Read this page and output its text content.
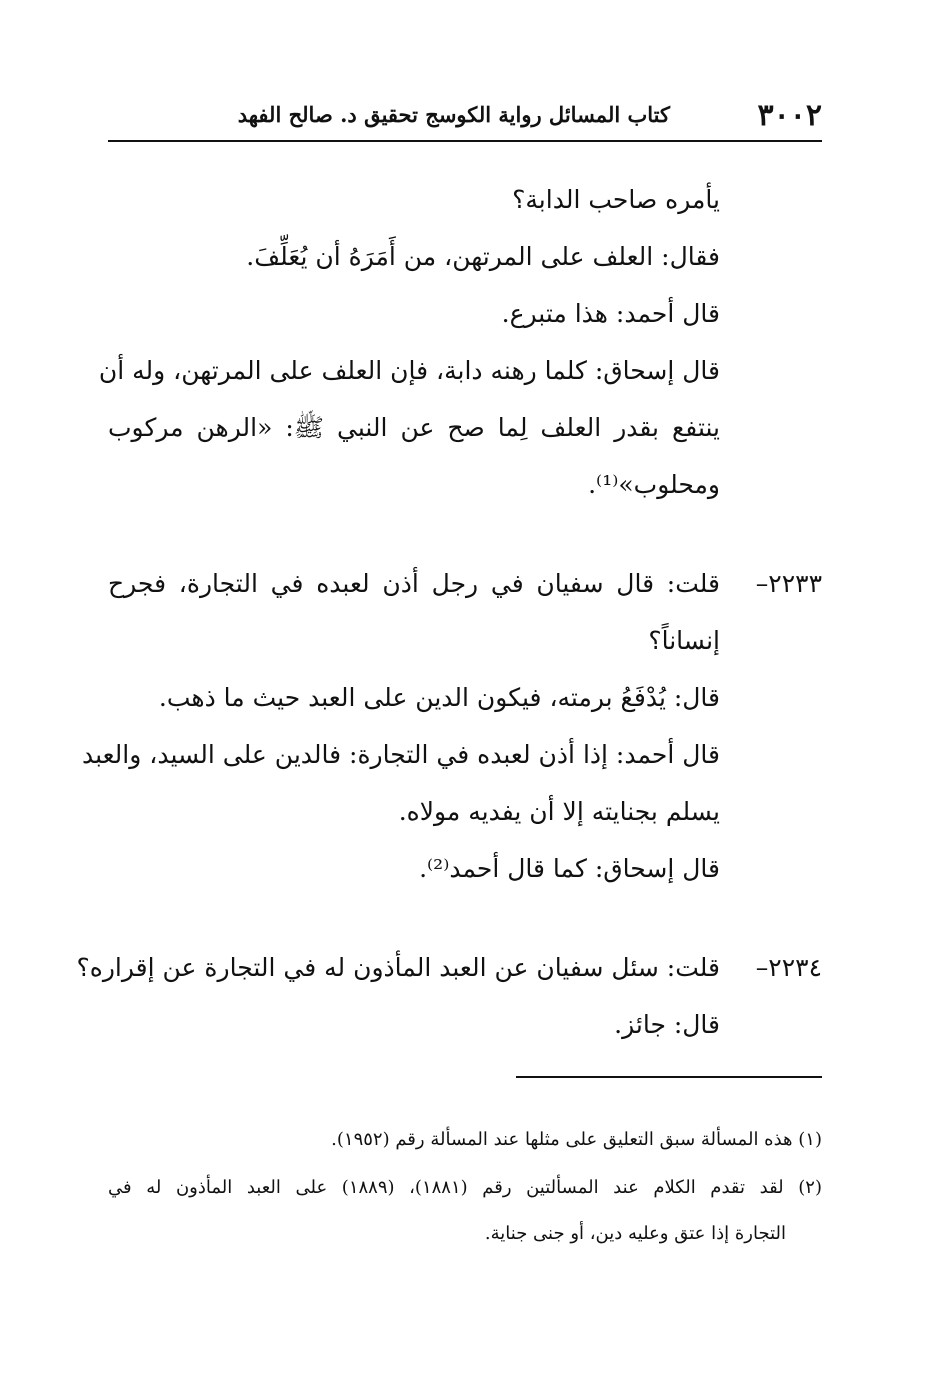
٣٠٠٢
كتاب المسائل رواية الكوسج تحقيق د. صالح الفهد
يأمره صاحب الدابة؟
فقال: العلف على المرتهن، من أَمَرَهُ أن يُعَلِّفَ.
قال أحمد: هذا متبرع.
قال إسحاق: كلما رهنه دابة، فإن العلف على المرتهن، وله أن
ينتفع بقدر العلف لِما صح عن النبي ﷺ: «الرهن مركوب
ومحلوب»⁽¹⁾.
٢٢٣٣–
قلت: قال سفيان في رجل أذن لعبده في التجارة، فجرح
إنساناً؟
قال: يُدْفَعُ برمته، فيكون الدين على العبد حيث ما ذهب.
قال أحمد: إذا أذن لعبده في التجارة: فالدين على السيد، والعبد
يسلم بجنايته إلا أن يفديه مولاه.
قال إسحاق: كما قال أحمد⁽²⁾.
٢٢٣٤–
قلت: سئل سفيان عن العبد المأذون له في التجارة عن إقراره؟
قال: جائز.
(١) هذه المسألة سبق التعليق على مثلها عند المسألة رقم (١٩٥٢).
(٢) لقد تقدم الكلام عند المسألتين رقم (١٨٨١)، (١٨٨٩) على العبد المأذون له في
التجارة إذا عتق وعليه دين، أو جنى جناية.
